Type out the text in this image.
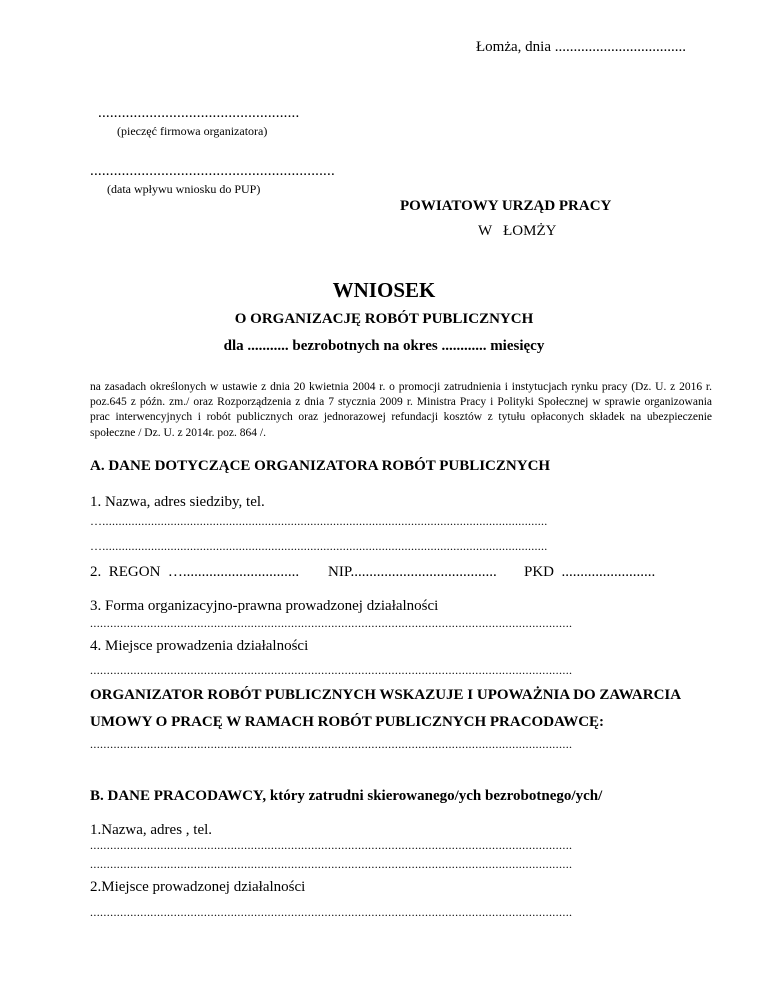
Łomża, dnia ...................................
...................................................
(pieczęć firmowa organizatora)
..............................................................
(data wpływu wniosku do PUP)
POWIATOWY URZĄD PRACY
W   ŁOMŻY
WNIOSEK
O ORGANIZACJĘ ROBÓT PUBLICZNYCH
dla ........... bezrobotnych na okres ............ miesięcy
na zasadach określonych w ustawie z dnia 20 kwietnia 2004 r. o promocji zatrudnienia i instytucjach rynku pracy (Dz. U. z 2016 r. poz.645 z późn. zm./ oraz Rozporządzenia z dnia 7 stycznia 2009 r. Ministra Pracy i Polityki Społecznej w sprawie organizowania prac interwencyjnych i robót publicznych oraz jednorazowej refundacji kosztów z tytułu opłaconych składek na ubezpieczenie społeczne / Dz. U. z 2014r. poz. 864 /.
A. DANE DOTYCZĄCE ORGANIZATORA ROBÓT PUBLICZNYCH
1. Nazwa, adres siedziby, tel.
….........................................................................................................................................
….........................................................................................................................................
2.  REGON  …............................... NIP....................................... PKD  .........................
3. Forma organizacyjno-prawna prowadzonej działalności
................................................................................................................................................
4. Miejsce prowadzenia działalności
................................................................................................................................................
ORGANIZATOR ROBÓT PUBLICZNYCH WSKAZUJE I UPOWAŻNIA DO ZAWARCIA
UMOWY O PRACĘ W RAMACH ROBÓT PUBLICZNYCH PRACODAWCĘ:
................................................................................................................................................
B. DANE PRACODAWCY, który zatrudni skierowanego/ych bezrobotnego/ych/
1.Nazwa, adres , tel.
................................................................................................................................................
................................................................................................................................................
2.Miejsce prowadzonej działalności
................................................................................................................................................
